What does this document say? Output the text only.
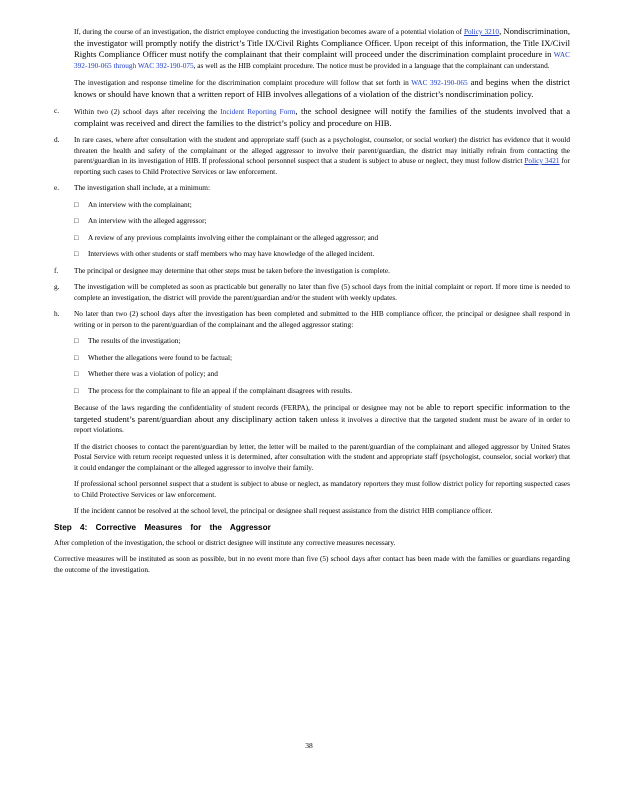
If, during the course of an investigation, the district employee conducting the investigation becomes aware of a potential violation of Policy 3210, Nondiscrimination, the investigator will promptly notify the district’s Title IX/Civil Rights Compliance Officer. Upon receipt of this information, the Title IX/Civil Rights Compliance Officer must notify the complainant that their complaint will proceed under the discrimination complaint procedure in WAC 392-190-065 through WAC 392-190-075, as well as the HIB complaint procedure. The notice must be provided in a language that the complainant can understand.

The investigation and response timeline for the discrimination complaint procedure will follow that set forth in WAC 392-190-065 and begins when the district knows or should have known that a written report of HIB involves allegations of a violation of the district’s nondiscrimination policy.

c.	Within two (2) school days after receiving the Incident Reporting Form, the school designee will notify the families of the students involved that a complaint was received and direct the families to the district’s policy and procedure on HIB.
d.	In rare cases, where after consultation with the student and appropriate staff (such as a psychologist, counselor, or social worker) the district has evidence that it would threaten the health and safety of the complainant or the alleged aggressor to involve their parent/guardian, the district may initially refrain from contacting the parent/guardian in its investigation of HIB. If professional school personnel suspect that a student is subject to abuse or neglect, they must follow district Policy 3421 for reporting such cases to Child Protective Services or law enforcement.
e.	The investigation shall include, at a minimum:
□	An interview with the complainant;
□	An interview with the alleged aggressor;
□	A review of any previous complaints involving either the complainant or the alleged aggressor; and
□	Interviews with other students or staff members who may have knowledge of the alleged incident.
f.	The principal or designee may determine that other steps must be taken before the investigation is complete.
g.	The investigation will be completed as soon as practicable but generally no later than five (5) school days from the initial complaint or report. If more time is needed to complete an investigation, the district will provide the parent/guardian and/or the student with weekly updates.
h.	No later than two (2) school days after the investigation has been completed and submitted to the HIB compliance officer, the principal or designee shall respond in writing or in person to the parent/guardian of the complainant and the alleged aggressor stating:
□	The results of the investigation;
□	Whether the allegations were found to be factual;
□	Whether there was a violation of policy; and
□	The process for the complainant to file an appeal if the complainant disagrees with results.

Because of the laws regarding the confidentiality of student records (FERPA), the principal or designee may not be able to report specific information to the targeted student’s parent/guardian about any disciplinary action taken unless it involves a directive that the targeted student must be aware of in order to report violations.

If the district chooses to contact the parent/guardian by letter, the letter will be mailed to the parent/guardian of the complainant and alleged aggressor by United States Postal Service with return receipt requested unless it is determined, after consultation with the student and appropriate staff (psychologist, counselor, social worker) that it could endanger the complainant or the alleged aggressor to involve their family.

If professional school personnel suspect that a student is subject to abuse or neglect, as mandatory reporters they must follow district policy for reporting suspected cases to Child Protective Services or law enforcement.

If the incident cannot be resolved at the school level, the principal or designee shall request assistance from the district HIB compliance officer.

Step 4: Corrective Measures for the Aggressor

After completion of the investigation, the school or district designee will institute any corrective measures necessary.

Corrective measures will be instituted as soon as possible, but in no event more than five (5) school days after contact has been made with the families or guardians regarding the outcome of the investigation.

38
